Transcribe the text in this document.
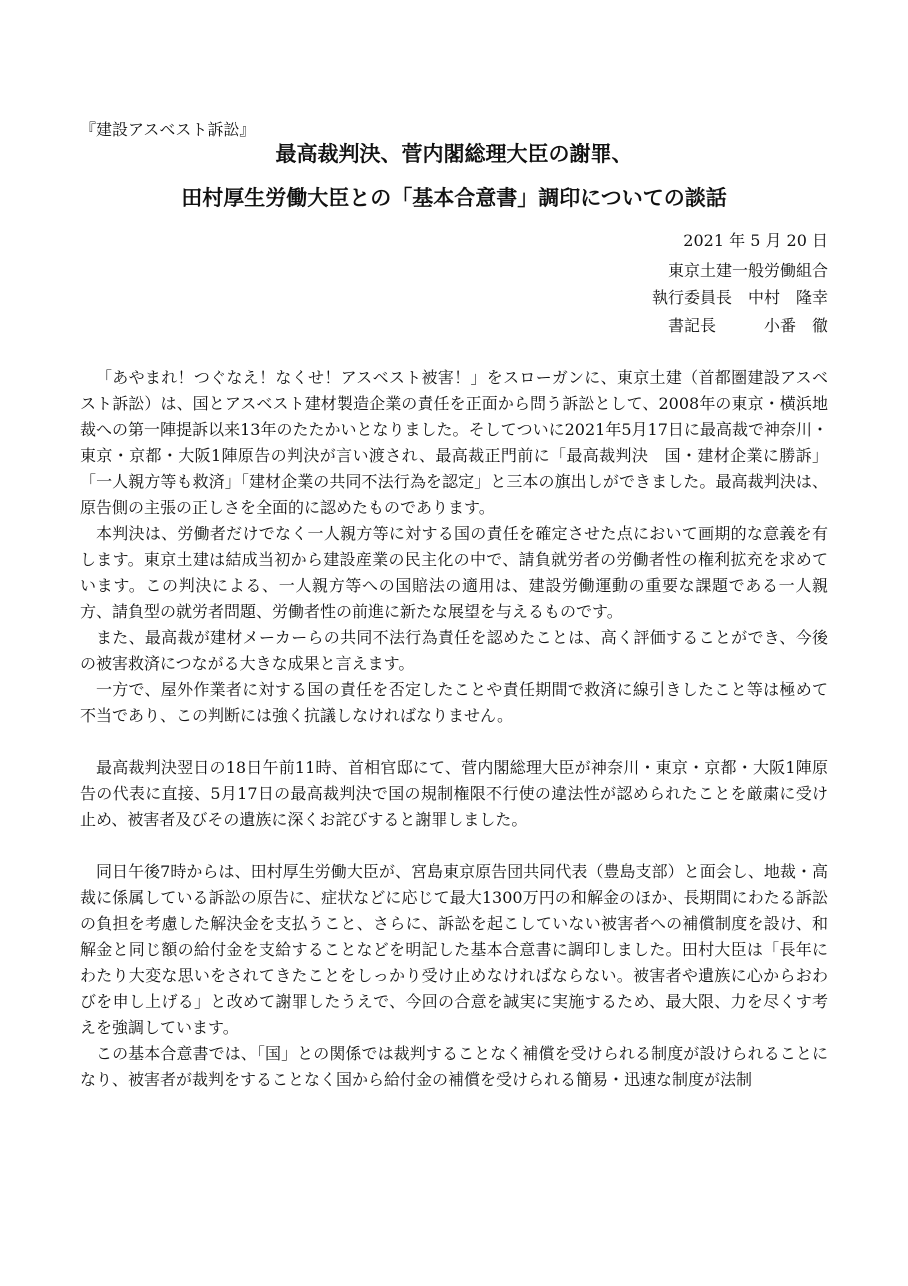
『建設アスベスト訴訟』
最高裁判決、菅内閣総理大臣の謝罪、
田村厚生労働大臣との「基本合意書」調印についての談話
2021 年 5 月 20 日
東京土建一般労働組合
執行委員長　中村　隆幸
書記長　　　小番　徹

「あやまれ！つぐなえ！なくせ！アスベスト被害！」をスローガンに、東京土建（首都圏建設アスベスト訴訟）は、国とアスベスト建材製造企業の責任を正面から問う訴訟として、2008年の東京・横浜地裁への第一陣提訴以来13年のたたかいとなりました。そしてついに2021年5月17日に最高裁で神奈川・東京・京都・大阪1陣原告の判決が言い渡され、最高裁正門前に「最高裁判決　国・建材企業に勝訴」「一人親方等も救済」「建材企業の共同不法行為を認定」と三本の旗出しができました。最高裁判決は、原告側の主張の正しさを全面的に認めたものであります。

本判決は、労働者だけでなく一人親方等に対する国の責任を確定させた点において画期的な意義を有します。東京土建は結成当初から建設産業の民主化の中で、請負就労者の労働者性の権利拡充を求めています。この判決による、一人親方等への国賠法の適用は、建設労働運動の重要な課題である一人親方、請負型の就労者問題、労働者性の前進に新たな展望を与えるものです。

また、最高裁が建材メーカーらの共同不法行為責任を認めたことは、高く評価することができ、今後の被害救済につながる大きな成果と言えます。

一方で、屋外作業者に対する国の責任を否定したことや責任期間で救済に線引きしたこと等は極めて不当であり、この判断には強く抗議しなければなりません。

最高裁判決翌日の18日午前11時、首相官邸にて、菅内閣総理大臣が神奈川・東京・京都・大阪1陣原告の代表に直接、5月17日の最高裁判決で国の規制権限不行使の違法性が認められたことを厳粛に受け止め、被害者及びその遺族に深くお詫びすると謝罪しました。

同日午後7時からは、田村厚生労働大臣が、宮島東京原告団共同代表（豊島支部）と面会し、地裁・高裁に係属している訴訟の原告に、症状などに応じて最大1300万円の和解金のほか、長期間にわたる訴訟の負担を考慮した解決金を支払うこと、さらに、訴訟を起こしていない被害者への補償制度を設け、和解金と同じ額の給付金を支給することなどを明記した基本合意書に調印しました。田村大臣は「長年にわたり大変な思いをされてきたことをしっかり受け止めなければならない。被害者や遺族に心からおわびを申し上げる」と改めて謝罪したうえで、今回の合意を誠実に実施するため、最大限、力を尽くす考えを強調しています。

この基本合意書では、「国」との関係では裁判することなく補償を受けられる制度が設けられることになり、被害者が裁判をすることなく国から給付金の補償を受けられる簡易・迅速な制度が法制
